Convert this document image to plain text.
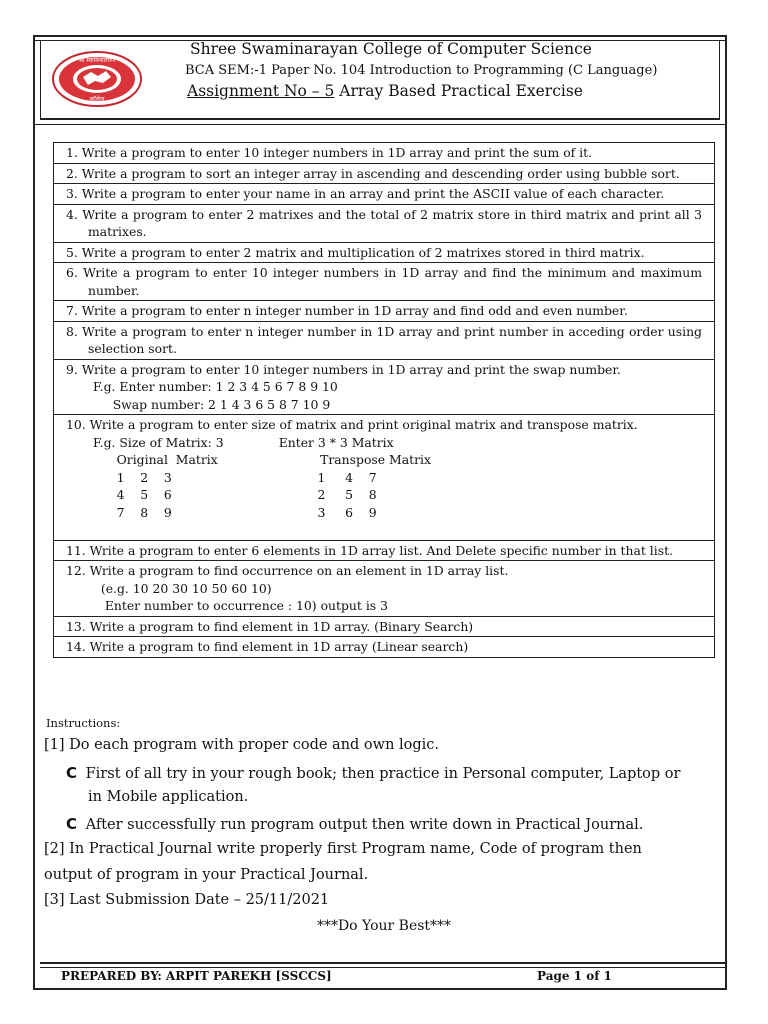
श्री स्वामिनारायण
कॉलेज
Shree Swaminarayan College of Computer Science
BCA SEM:-1 Paper No. 104 Introduction to Programming (C Language)
Assignment No – 5 Array Based Practical Exercise
1. Write a program to enter 10 integer numbers in 1D array and print the sum of it.

2. Write a program to sort an integer array in ascending and descending order using bubble sort.

3. Write a program to enter your name in an array and print the ASCII value of each character.

4. Write a program to enter 2 matrixes and the total of 2 matrix store in third matrix and print all 3 matrixes.

5. Write a program to enter 2 matrix and multiplication of 2 matrixes stored in third matrix.

6. Write a program to enter 10 integer numbers in 1D array and find the minimum and maximum number.

7. Write a program to enter n integer number in 1D array and find odd and even number.

8. Write a program to enter n integer number in 1D array and print number in acceding order using selection sort.

9. Write a program to enter 10 integer numbers in 1D array and print the swap number.
F.g. Enter number: 1 2 3 4 5 6 7 8 9 10
Swap number: 2 1 4 3 6 5 8 7 10 9

10. Write a program to enter size of matrix and print original matrix and transpose matrix.
F.g. Size of Matrix: 3              Enter 3 * 3 Matrix
Original  Matrix                          Transpose Matrix
1    2    3                                     1     4    7
4    5    6                                     2     5    8
7    8    9                                     3     6    9

11. Write a program to enter 6 elements in 1D array list. And Delete specific number in that list.

12. Write a program to find occurrence on an element in 1D array list.
(e.g. 10 20 30 10 50 60 10)
Enter number to occurrence : 10) output is 3

13. Write a program to find element in 1D array. (Binary Search)

14. Write a program to find element in 1D array (Linear search)
Instructions:
[1] Do each program with proper code and own logic.
C First of all try in your rough book; then practice in Personal computer, Laptop or
in Mobile application.
C After successfully run program output then write down in Practical Journal.
[2] In Practical Journal write properly first Program name, Code of program then
output of program in your Practical Journal.
[3] Last Submission Date – 25/11/2021
***Do Your Best***
PREPARED BY: ARPIT PAREKH [SSCCS]	Page 1 of 1
